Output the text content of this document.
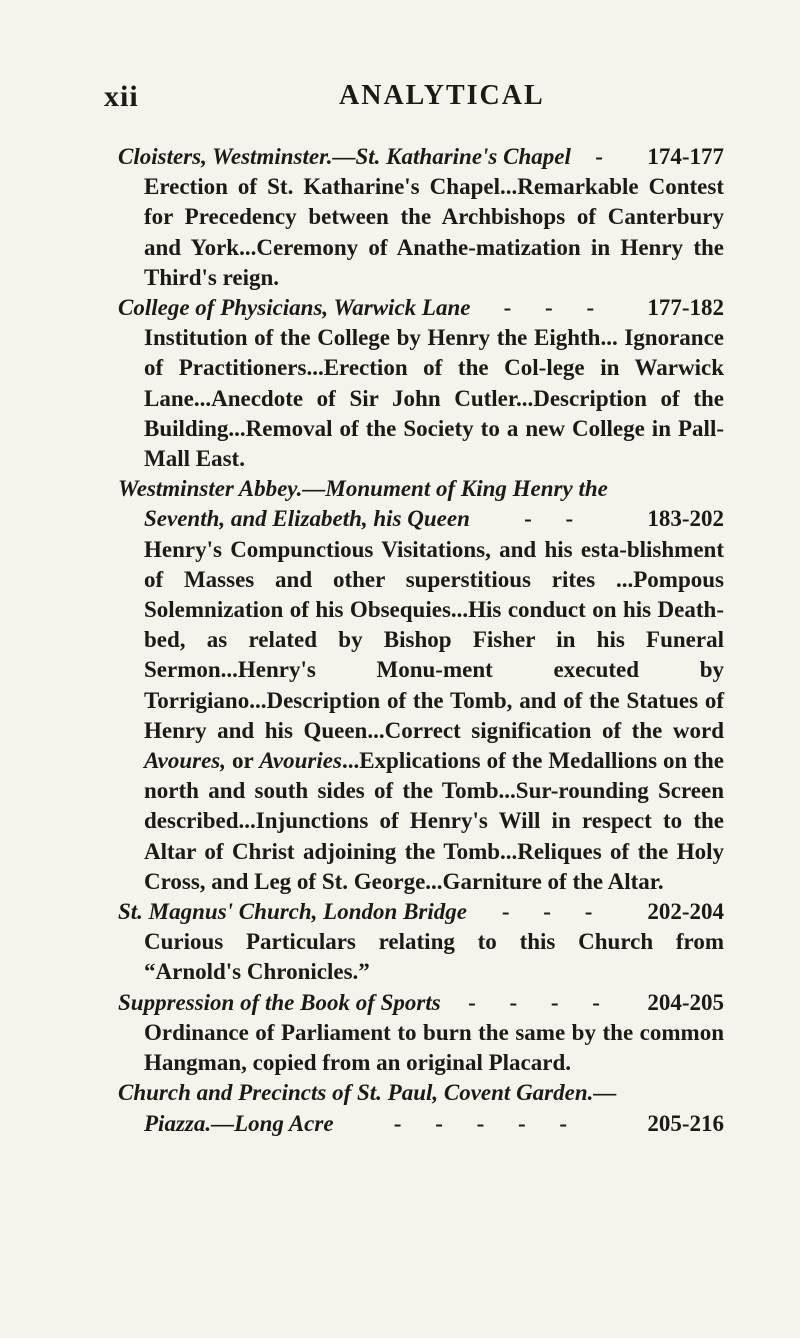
xii	ANALYTICAL
Cloisters, Westminster.—St. Katharine's Chapel	-	174-177

Erection of St. Katharine's Chapel...Remarkable Contest for Precedency between the Archbishops of Canterbury and York...Ceremony of Anathe-matization in Henry the Third's reign.

College of Physicians, Warwick Lane	- - -	177-182

Institution of the College by Henry the Eighth... Ignorance of Practitioners...Erection of the Col-lege in Warwick Lane...Anecdote of Sir John Cutler...Description of the Building...Removal of the Society to a new College in Pall-Mall East.

Westminster Abbey.—Monument of King Henry the
Seventh, and Elizabeth, his Queen	- -	183-202

Henry's Compunctious Visitations, and his esta-blishment of Masses and other superstitious rites ...Pompous Solemnization of his Obsequies...His conduct on his Death-bed, as related by Bishop Fisher in his Funeral Sermon...Henry's Monu-ment executed by Torrigiano...Description of the Tomb, and of the Statues of Henry and his Queen...Correct signification of the word Avoures, or Avouries...Explications of the Medallions on the north and south sides of the Tomb...Sur-rounding Screen described...Injunctions of Henry's Will in respect to the Altar of Christ adjoining the Tomb...Reliques of the Holy Cross, and Leg of St. George...Garniture of the Altar.

St. Magnus' Church, London Bridge	- - -	202-204

Curious Particulars relating to this Church from “Arnold's Chronicles.”

Suppression of the Book of Sports	- - - -	204-205

Ordinance of Parliament to burn the same by the common Hangman, copied from an original Placard.

Church and Precincts of St. Paul, Covent Garden.—
Piazza.—Long Acre	- - - - -	205-216
